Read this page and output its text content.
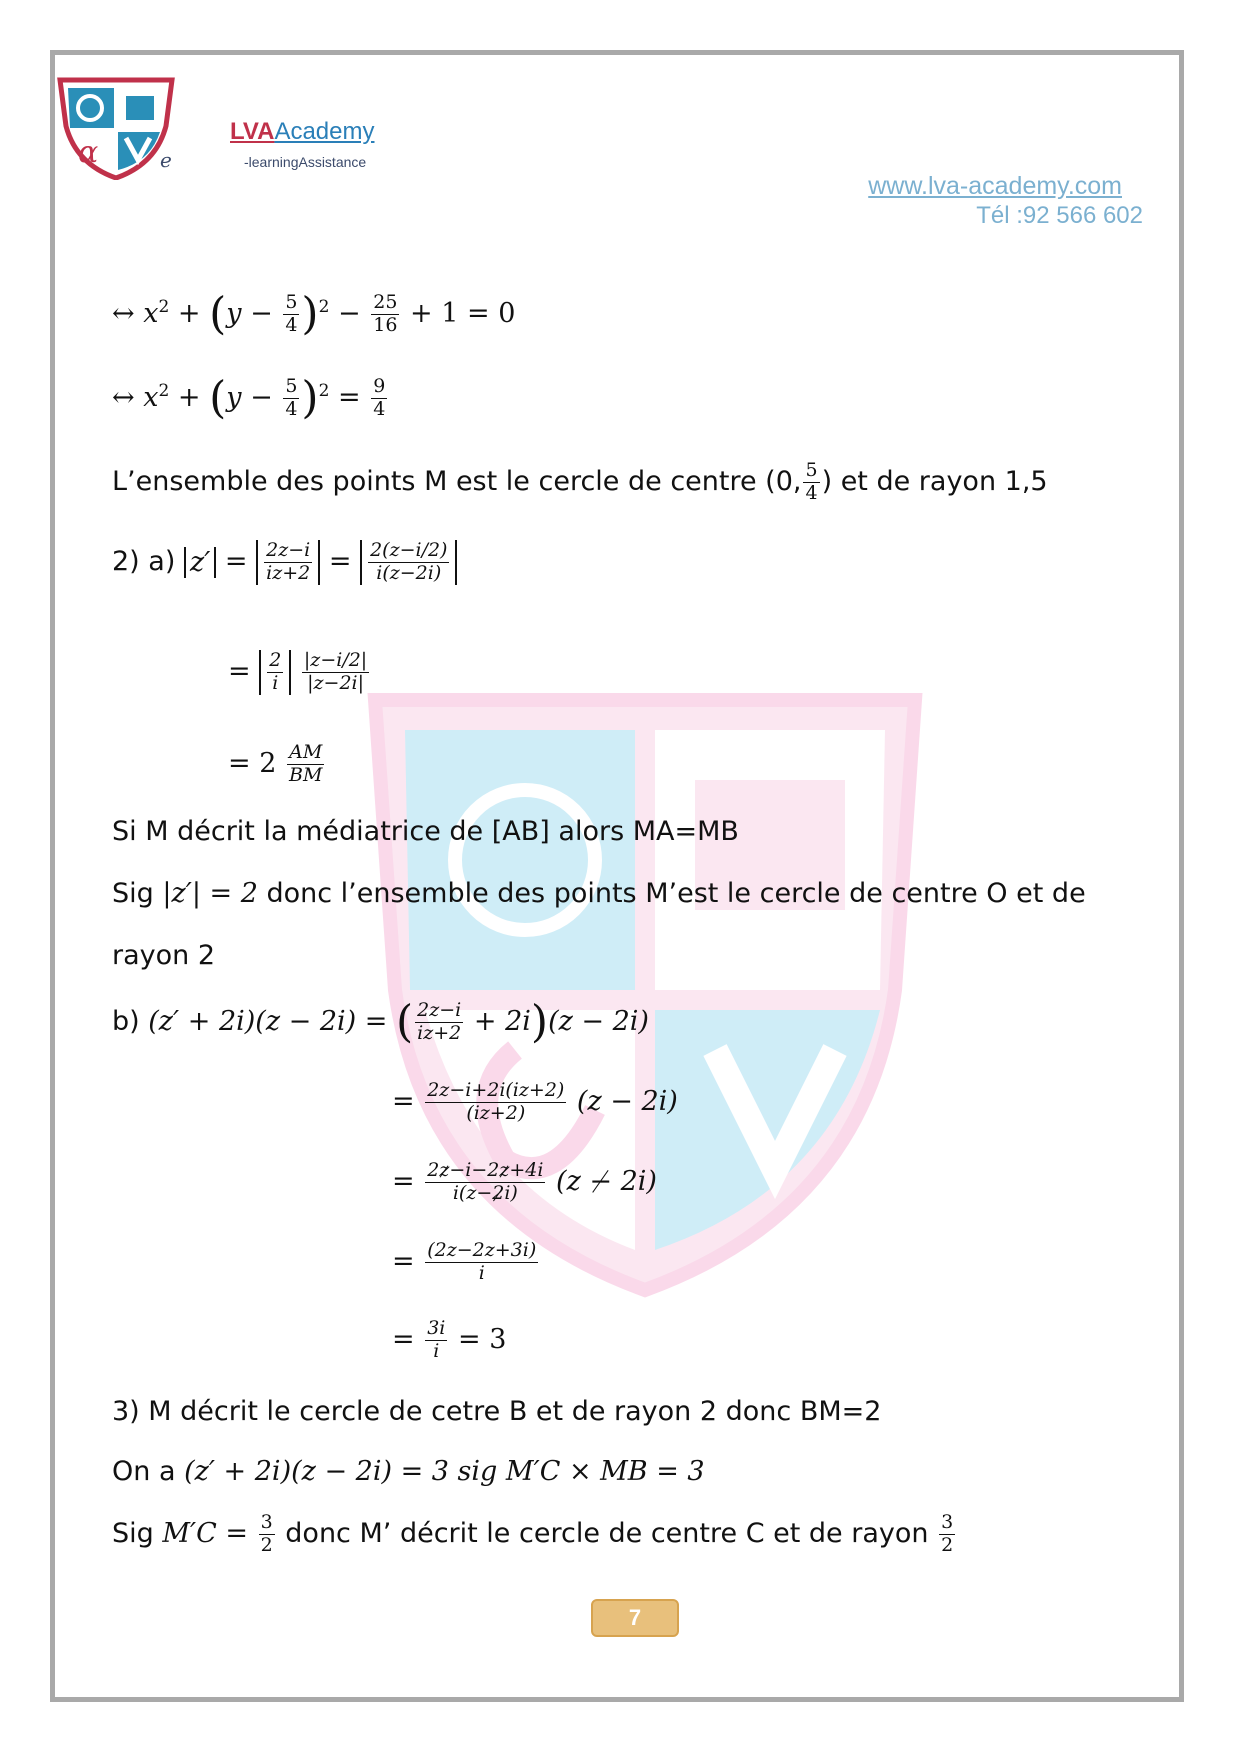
α	e
LVAAcademy
-learningAssistance
www.lva-academy.com
Tél :92 566 602
↔ $x^2 + (y - \frac{5}{4} )^2 - \frac{25}{16} + 1 = 0$
↔ $x^2 + (y - \frac{5}{4} )^2 = \frac{9}{4}$
L’ensemble des points M est le cercle de centre (0, $\frac{5}{4}$ ) et de rayon 1,5
2) a) $z' = \frac{2z-i}{iz+2} = \frac{2(z-i/2)}{i(z-2i)}$
= $\frac{2}{i}$
$\frac{|z-i/2|}{|z-2i|}$
= $2 \frac{AM}{BM}$
Si M décrit la médiatrice de [AB] alors MA=MB
Sig |z′| = 2 donc l’ensemble des points M’est le cercle de centre O et de
rayon 2
b) (z′ + 2i)(z − 2i) = ( $\frac{2z-i}{iz+2} + 2i)(z - 2i)$
= $\frac{2z-i+2i(iz+2)}{(iz+2)} (z - 2i)$
= $\frac{2z-i-2z+4i}{i(z-2i)} (z - 2i)$
= $\frac{(2z-2z+3i)}{i}$
= $\frac{3i}{i} = 3$
3) M décrit le cercle de cetre B et de rayon 2 donc BM=2
On a (z′ + 2i)(z − 2i) = 3 sig M′C × MB = 3
Sig $M'C = \frac{3}{2}$ donc M’ décrit le cercle de centre C et de rayon $\frac{3}{2}$
7
